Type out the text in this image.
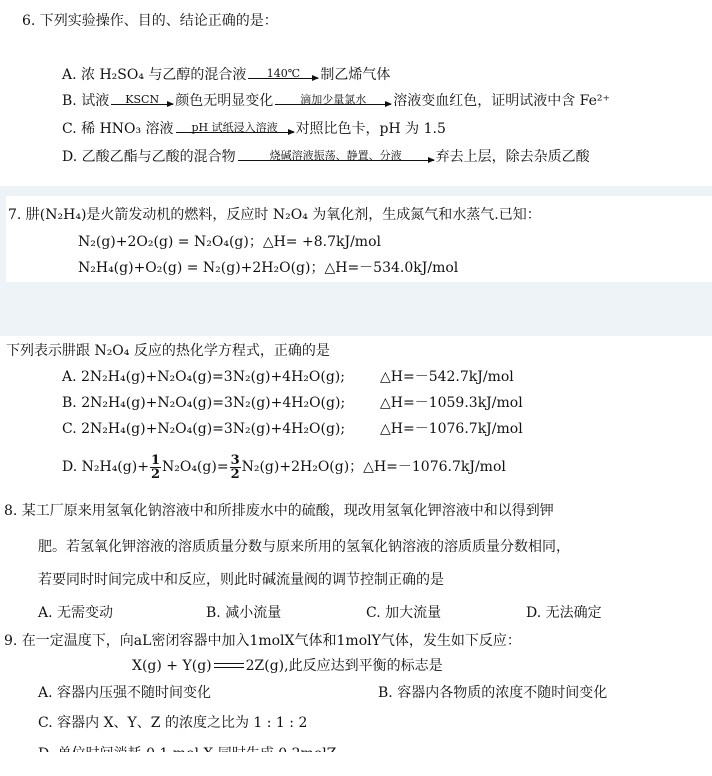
6. 下列实验操作、目的、结论正确的是：
A. 浓 H₂SO₄ 与乙醇的混合液	140℃	制乙烯气体
B. 试液	KSCN	颜色无明显变化	滴加少量氯水	溶液变血红色，证明试液中含 Fe²⁺
C. 稀 HNO₃ 溶液	pH 试纸浸入溶液	对照比色卡，pH 为 1.5
D. 乙酸乙酯与乙酸的混合物	烧碱溶液振荡、静置、分液	弃去上层，除去杂质乙酸
7. 肼(N₂H₄)是火箭发动机的燃料，反应时 N₂O₄ 为氧化剂，生成氮气和水蒸气.已知：
N₂(g)+2O₂(g) = N₂O₄(g)；△H= +8.7kJ/mol
N₂H₄(g)+O₂(g) = N₂(g)+2H₂O(g)；△H=－534.0kJ/mol
下列表示肼跟 N₂O₄ 反应的热化学方程式，正确的是
A. 2N₂H₄(g)+N₂O₄(g)=3N₂(g)+4H₂O(g);	△H=－542.7kJ/mol
B. 2N₂H₄(g)+N₂O₄(g)=3N₂(g)+4H₂O(g); △H=－1059.3kJ/mol
C. 2N₂H₄(g)+N₂O₄(g)=3N₂(g)+4H₂O(g); △H=－1076.7kJ/mol
D. $N_2H_4(g)+ \frac{1}{2} N_2O_4(g)= \frac{3}{2} N_2(g)+2H_2O(g)$；△H=－1076.7kJ/mol
8. 某工厂原来用氢氧化钠溶液中和所排废水中的硫酸，现改用氢氧化钾溶液中和以得到钾
肥。若氢氧化钾溶液的溶质质量分数与原来所用的氢氧化钠溶液的溶质质量分数相同，
若要同时时间完成中和反应，则此时碱流量阀的调节控制正确的是
A. 无需变动	B. 减小流量	C. 加大流量	D. 无法确定
9. 在一定温度下，向aL密闭容器中加入1molX气体和1molY气体，发生如下反应：
X(g) + Y(g) 2Z(g),此反应达到平衡的标志是
A. 容器内压强不随时间变化	B. 容器内各物质的浓度不随时间变化
C. 容器内 X、Y、Z 的浓度之比为 1 : 1 : 2
